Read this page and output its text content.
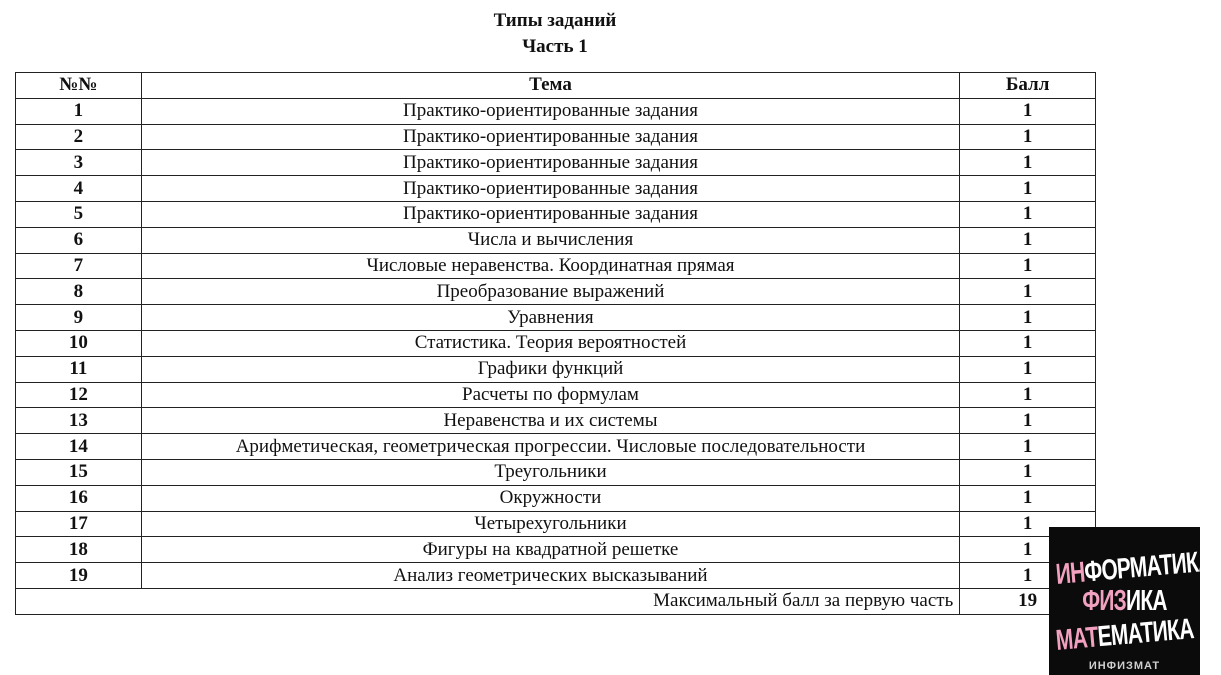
Типы заданий
Часть 1
№№	Тема	Балл
1	Практико-ориентированные задания	1
2	Практико-ориентированные задания	1
3	Практико-ориентированные задания	1
4	Практико-ориентированные задания	1
5	Практико-ориентированные задания	1
6	Числа и вычисления	1
7	Числовые неравенства. Координатная прямая	1
8	Преобразование выражений	1
9	Уравнения	1
10	Статистика. Теория вероятностей	1
11	Графики функций	1
12	Расчеты по формулам	1
13	Неравенства и их системы	1
14	Арифметическая, геометрическая прогрессии. Числовые последовательности	1
15	Треугольники	1
16	Окружности	1
17	Четырехугольники	1
18	Фигуры на квадратной решетке	1
19	Анализ геометрических высказываний	1
Максимальный балл за первую часть		19
ИНФОРМАТИКА
ФИЗИКА
МАТЕМАТИКА
ИНФИЗМАТ
